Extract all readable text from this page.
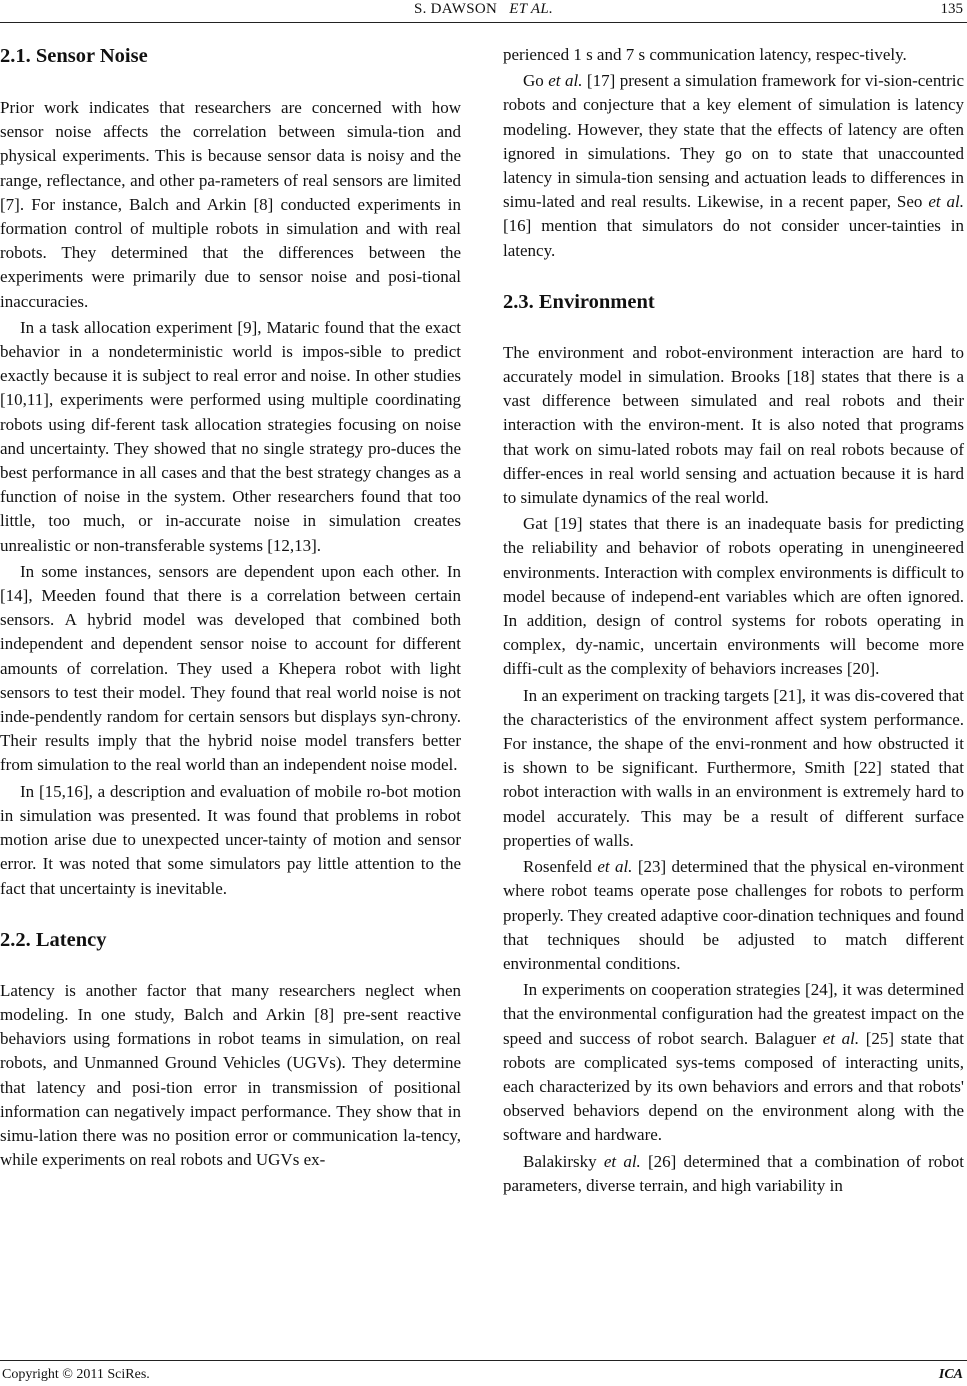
S. DAWSON ET AL.	135
2.1. Sensor Noise

Prior work indicates that researchers are concerned with how sensor noise affects the correlation between simula-tion and physical experiments. This is because sensor data is noisy and the range, reflectance, and other pa-rameters of real sensors are limited [7]. For instance, Balch and Arkin [8] conducted experiments in formation control of multiple robots in simulation and with real robots. They determined that the differences between the experiments were primarily due to sensor noise and posi-tional inaccuracies.

In a task allocation experiment [9], Mataric found that the exact behavior in a nondeterministic world is impos-sible to predict exactly because it is subject to real error and noise. In other studies [10,11], experiments were performed using multiple coordinating robots using dif-ferent task allocation strategies focusing on noise and uncertainty. They showed that no single strategy pro-duces the best performance in all cases and that the best strategy changes as a function of noise in the system. Other researchers found that too little, too much, or in-accurate noise in simulation creates unrealistic or non-transferable systems [12,13].

In some instances, sensors are dependent upon each other. In [14], Meeden found that there is a correlation between certain sensors. A hybrid model was developed that combined both independent and dependent sensor noise to account for different amounts of correlation. They used a Khepera robot with light sensors to test their model. They found that real world noise is not inde-pendently random for certain sensors but displays syn-chrony. Their results imply that the hybrid noise model transfers better from simulation to the real world than an independent noise model.

In [15,16], a description and evaluation of mobile ro-bot motion in simulation was presented. It was found that problems in robot motion arise due to unexpected uncer-tainty of motion and sensor error. It was noted that some simulators pay little attention to the fact that uncertainty is inevitable.

2.2. Latency

Latency is another factor that many researchers neglect when modeling. In one study, Balch and Arkin [8] pre-sent reactive behaviors using formations in robot teams in simulation, on real robots, and Unmanned Ground Vehicles (UGVs). They determine that latency and posi-tion error in transmission of positional information can negatively impact performance. They show that in simu-lation there was no position error or communication la-tency, while experiments on real robots and UGVs ex-

perienced 1 s and 7 s communication latency, respec-tively.

Go et al. [17] present a simulation framework for vi-sion-centric robots and conjecture that a key element of simulation is latency modeling. However, they state that the effects of latency are often ignored in simulations. They go on to state that unaccounted latency in simula-tion sensing and actuation leads to differences in simu-lated and real results. Likewise, in a recent paper, Seo et al. [16] mention that simulators do not consider uncer-tainties in latency.

2.3. Environment

The environment and robot-environment interaction are hard to accurately model in simulation. Brooks [18] states that there is a vast difference between simulated and real robots and their interaction with the environ-ment. It is also noted that programs that work on simu-lated robots may fail on real robots because of differ-ences in real world sensing and actuation because it is hard to simulate dynamics of the real world.

Gat [19] states that there is an inadequate basis for predicting the reliability and behavior of robots operating in unengineered environments. Interaction with complex environments is difficult to model because of independ-ent variables which are often ignored. In addition, design of control systems for robots operating in complex, dy-namic, uncertain environments will become more diffi-cult as the complexity of behaviors increases [20].

In an experiment on tracking targets [21], it was dis-covered that the characteristics of the environment affect system performance. For instance, the shape of the envi-ronment and how obstructed it is shown to be significant. Furthermore, Smith [22] stated that robot interaction with walls in an environment is extremely hard to model accurately. This may be a result of different surface properties of walls.

Rosenfeld et al. [23] determined that the physical en-vironment where robot teams operate pose challenges for robots to perform properly. They created adaptive coor-dination techniques and found that techniques should be adjusted to match different environmental conditions.

In experiments on cooperation strategies [24], it was determined that the environmental configuration had the greatest impact on the speed and success of robot search. Balaguer et al. [25] state that robots are complicated sys-tems composed of interacting units, each characterized by its own behaviors and errors and that robots' observed behaviors depend on the environment along with the software and hardware.

Balakirsky et al. [26] determined that a combination of robot parameters, diverse terrain, and high variability in

Copyright © 2011 SciRes.	ICA
